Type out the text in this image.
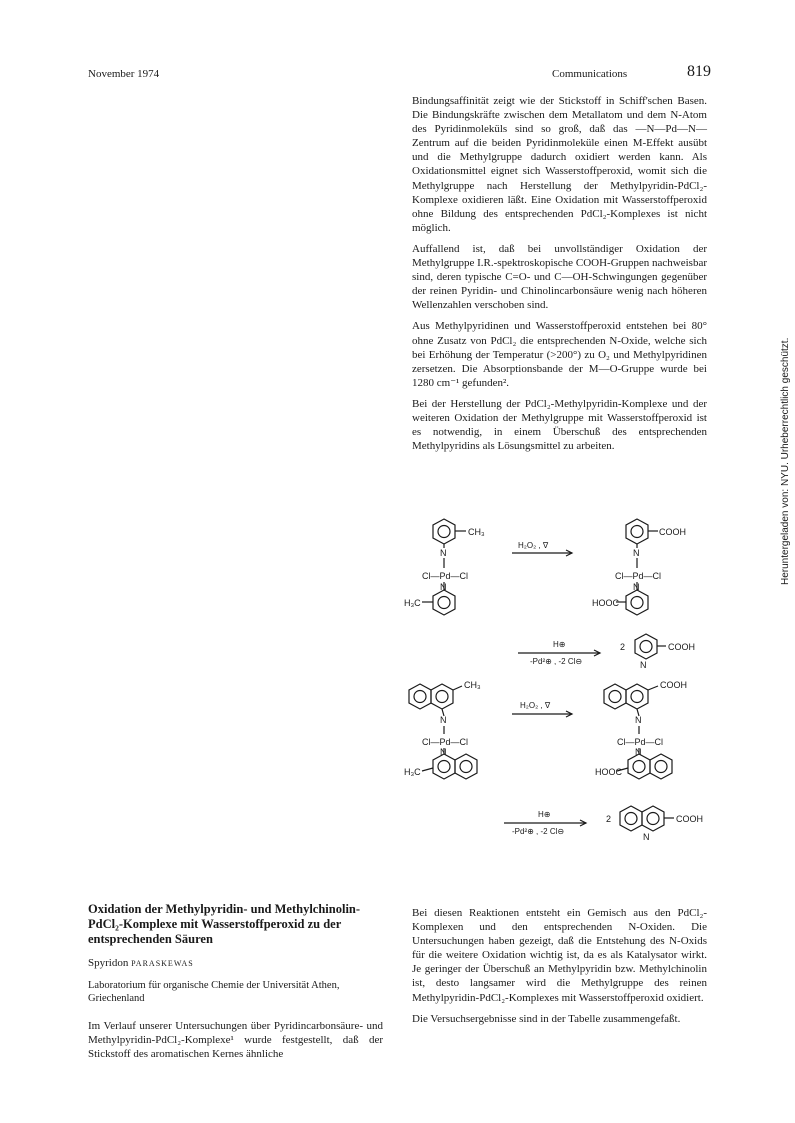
November 1974	Communications	819
Heruntergeladen von: NYU. Urheberrechtlich geschützt.

Bindungsaffinität zeigt wie der Stickstoff in Schiff'schen Basen. Die Bindungskräfte zwischen dem Metallatom und dem N-Atom des Pyridinmoleküls sind so groß, daß das —N—Pd—N— Zentrum auf die beiden Pyridinmoleküle einen M-Effekt ausübt und die Methylgruppe dadurch oxidiert werden kann. Als Oxidationsmittel eignet sich Wasserstoffperoxid, womit sich die Methylgruppe nach Herstellung der Methylpyridin-PdCl₂-Komplexe oxidieren läßt. Eine Oxidation mit Wasserstoffperoxid ohne Bildung des entsprechenden PdCl₂-Komplexes ist nicht möglich.

Auffallend ist, daß bei unvollständiger Oxidation der Methylgruppe I.R.-spektroskopische COOH-Gruppen nachweisbar sind, deren typische C=O- und C—OH-Schwingungen gegenüber der reinen Pyridin- und Chinolincarbonsäure wenig nach höheren Wellenzahlen verschoben sind.

Aus Methylpyridinen und Wasserstoffperoxid entstehen bei 80° ohne Zusatz von PdCl₂ die entsprechenden N-Oxide, welche sich bei Erhöhung der Temperatur (>200°) zu O₂ und Methylpyridinen zersetzen. Die Absorptionsbande der M—O-Gruppe wurde bei 1280 cm⁻¹ gefunden².

Bei der Herstellung der PdCl₂-Methylpyridin-Komplexe und der weiteren Oxidation der Methylgruppe mit Wasserstoffperoxid ist es notwendig, in einem Überschuß des entsprechenden Methylpyridins als Lösungsmittel zu arbeiten.

CH₃
N
Cl—Pd—Cl
N
H₃C
H₂O₂ , ∇
COOH
N
Cl—Pd—Cl
N
HOOC
H⊕
-Pd²⊕ , -2 Cl⊖
2	COOH
N
CH₃
N
Cl—Pd—Cl
N
H₃C
H₂O₂ , ∇
COOH
N
Cl—Pd—Cl
N
HOOC
H⊕
-Pd²⊕ , -2 Cl⊖
2	COOH
N
Oxidation der Methylpyridin- und Methylchinolin-PdCl₂-Komplexe mit Wasserstoffperoxid zu der entsprechenden Säuren
Spyridon PARASKEWAS
Laboratorium für organische Chemie der Universität Athen, Griechenland

Im Verlauf unserer Untersuchungen über Pyridincarbonsäure- und Methylpyridin-PdCl₂-Komplexe¹ wurde festgestellt, daß der Stickstoff des aromatischen Kernes ähnliche

Bei diesen Reaktionen entsteht ein Gemisch aus den PdCl₂-Komplexen und den entsprechenden N-Oxiden. Die Untersuchungen haben gezeigt, daß die Entstehung des N-Oxids für die weitere Oxidation wichtig ist, da es als Katalysator wirkt. Je geringer der Überschuß an Methylpyridin bzw. Methylchinolin ist, desto langsamer wird die Methylgruppe des reinen Methylpyridin-PdCl₂-Komplexes mit Wasserstoffperoxid oxidiert.

Die Versuchsergebnisse sind in der Tabelle zusammengefaßt.
